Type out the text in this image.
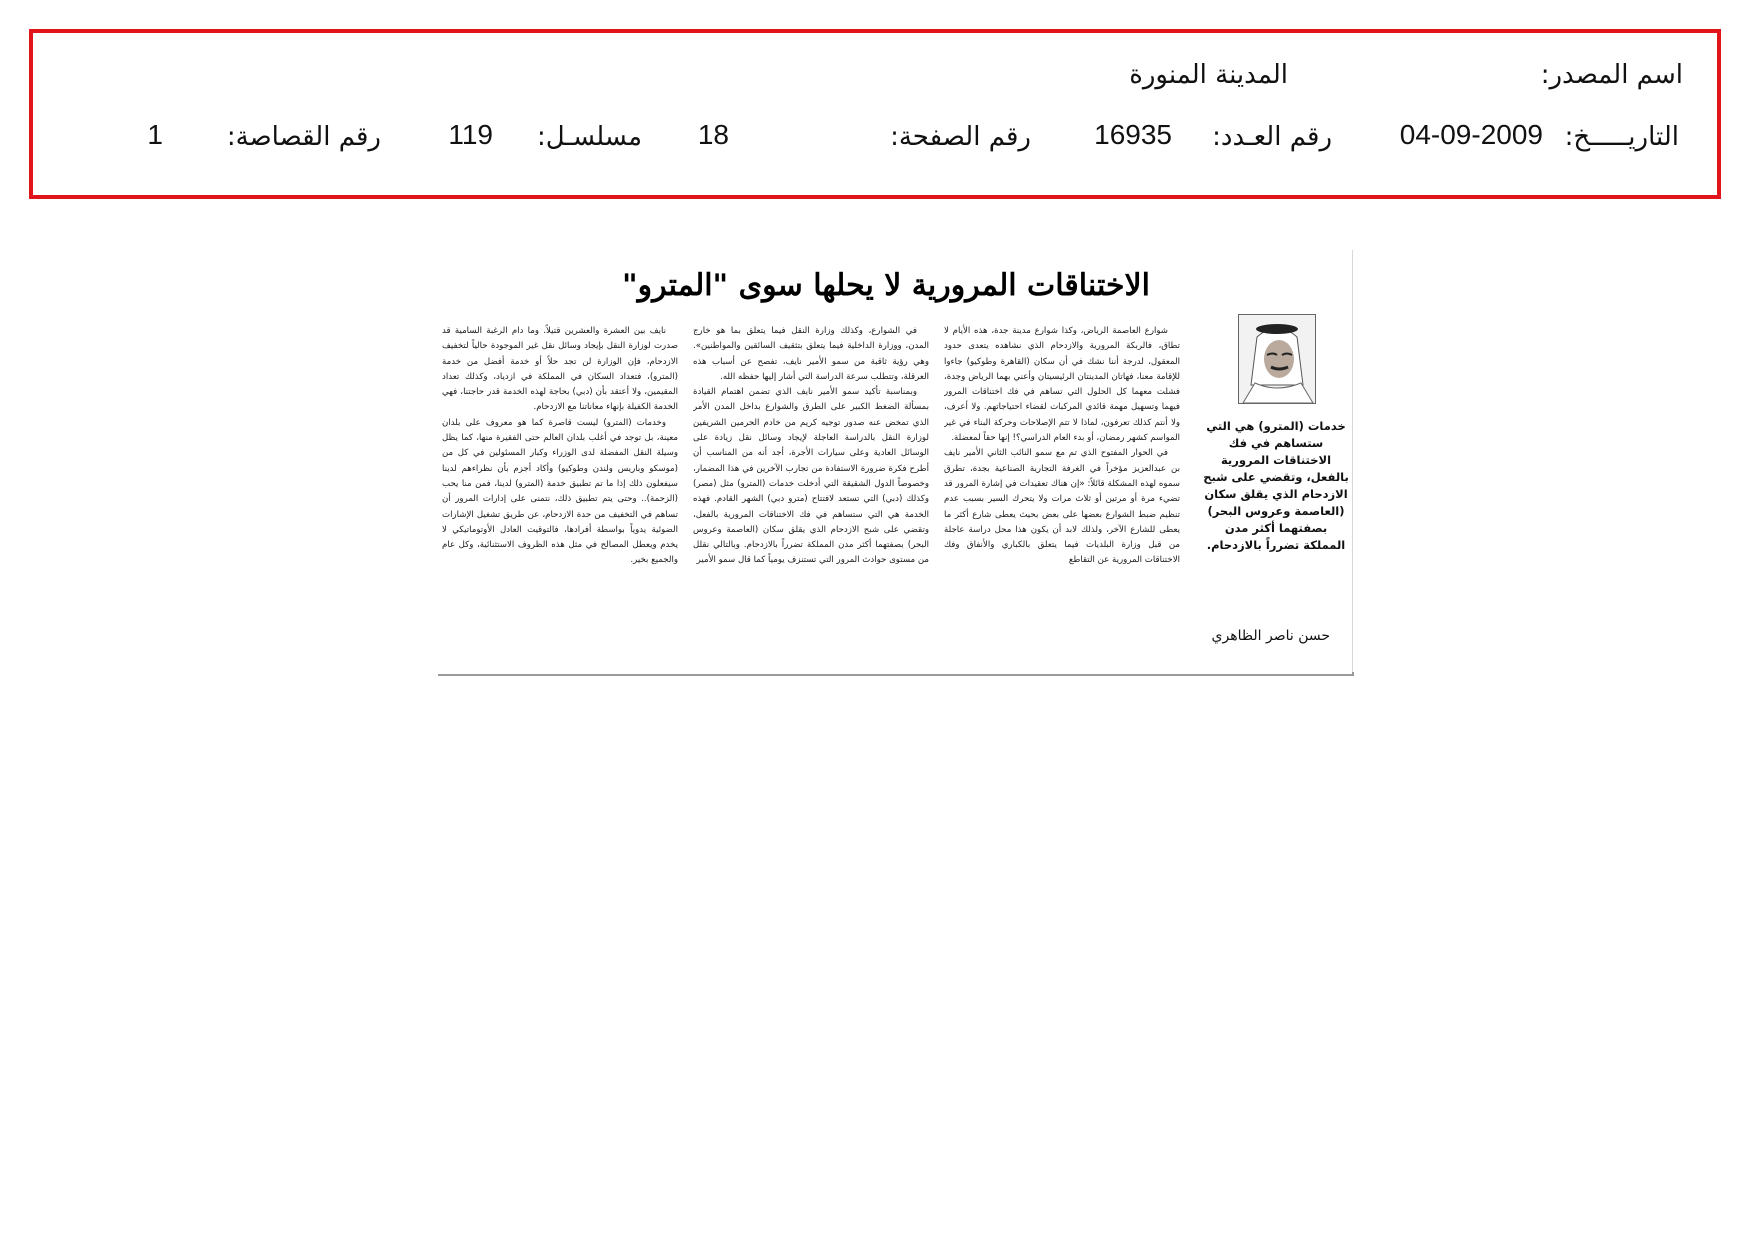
اسم المصدر:
المدينة المنورة
التاريـــــخ:
04-09-2009
رقم العـدد:
16935
رقم الصفحة:
18
مسلسـل:
119
رقم القصاصة:
1
الاختناقات المرورية لا يحلها سوى "المترو"
خدمات (المترو) هي التي ستساهم في فك الاختناقات المرورية بالفعل، وتقضي على شبح الازدحام الذي يقلق سكان (العاصمة وعروس البحر) بصفتهما أكثر مدن المملكة تضرراً بالازدحام.
حسن ناصر الظاهري

شوارع العاصمة الرياض، وكذا شوارع مدينة جدة، هذه الأيام لا تطاق، فالربكة المرورية والازدحام الذي نشاهده يتعدى حدود المعقول، لدرجة أننا نشك في أن سكان (القاهرة وطوكيو) جاءوا للإقامة معنا، فهاتان المدينتان الرئيسيتان وأعني بهما الرياض وجدة، فشلت معهما كل الحلول التي تساهم في فك اختناقات المرور فيهما وتسهيل مهمة قائدي المركبات لقضاء احتياجاتهم. ولا أعرف، ولا أنتم كذلك تعرفون، لماذا لا تتم الإصلاحات وحركة البناء في غير المواسم كشهر رمضان، أو بدء العام الدراسي؟! إنها حقاً لمعضلة.

في الحوار المفتوح الذي تم مع سمو النائب الثاني الأمير نايف بن عبدالعزيز مؤخراً في الغرفة التجارية الصناعية بجدة، تطرق سموه لهذه المشكلة قائلاً: «إن هناك تعقيدات في إشارة المرور قد تضيء مرة أو مرتين أو ثلاث مرات ولا يتحرك السير بسبب عدم تنظيم ضبط الشوارع بعضها على بعض بحيث يعطى شارع أكثر ما يعطى للشارع الآخر، ولذلك لابد أن يكون هذا محل دراسة عاجلة من قبل وزارة البلديات فيما يتعلق بالكباري والأنفاق وفك الاختناقات المرورية عن التقاطع

في الشوارع، وكذلك وزارة النقل فيما يتعلق بما هو خارج المدن، ووزارة الداخلية فيما يتعلق بتثقيف السائقين والمواطنين». وهي رؤية ثاقبة من سمو الأمير نايف، تفصح عن أسباب هذه العرقلة، وتتطلب سرعة الدراسة التي أشار إليها حفظه الله.

وبمناسبة تأكيد سمو الأمير نايف الذي تضمن اهتمام القيادة بمسألة الضغط الكبير على الطرق والشوارع بداخل المدن الأمر الذي تمخض عنه صدور توجيه كريم من خادم الحرمين الشريفين لوزارة النقل بالدراسة العاجلة لإيجاد وسائل نقل زيادة على الوسائل العادية وعلى سيارات الأجرة، أجد أنه من المناسب أن أطرح فكرة ضرورة الاستفادة من تجارب الآخرين في هذا المضمار، وخصوصاً الدول الشقيقة التي أدخلت خدمات (المترو) مثل (مصر) وكذلك (دبي) التي تستعد لافتتاح (مترو دبي) الشهر القادم. فهذه الخدمة هي التي ستساهم في فك الاختناقات المرورية بالفعل، وتقضي على شبح الازدحام الذي يقلق سكان (العاصمة وعروس البحر) بصفتهما أكثر مدن المملكة تضرراً بالازدحام. وبالتالي نقلل من مستوى حوادث المرور التي تستنزف يومياً كما قال سمو الأمير

نايف بين العشرة والعشرين قتيلاً. وما دام الرغبة السامية قد صدرت لوزارة النقل بإيجاد وسائل نقل غير الموجودة حالياً لتخفيف الازدحام، فإن الوزارة لن تجد حلاً أو خدمة أفضل من خدمة (المترو)، فتعداد السكان في المملكة في ازدياد، وكذلك تعداد المقيمين، ولا أعتقد بأن (دبي) بحاجة لهذه الخدمة قدر حاجتنا، فهي الخدمة الكفيلة بإنهاء معاناتنا مع الازدحام.

وخدمات (المترو) ليست قاصرة كما هو معروف على بلدان معينة، بل توجد في أغلب بلدان العالم حتى الفقيرة منها، كما يظل وسيلة النقل المفضلة لدى الوزراء وكبار المسئولين في كل من (موسكو وباريس ولندن وطوكيو) وأكاد أجزم بأن نظراءهم لدينا سيفعلون ذلك إذا ما تم تطبيق خدمة (المترو) لدينا، فمن منا يحب (الزحمة).. وحتى يتم تطبيق ذلك، نتمنى على إدارات المرور أن تساهم في التخفيف من حدة الازدحام، عن طريق تشغيل الإشارات الضوئية يدوياً بواسطة أفرادها، فالتوقيت العادل الأوتوماتيكي لا يخدم ويعطل المصالح في مثل هذه الظروف الاستثنائية، وكل عام والجميع بخير.
